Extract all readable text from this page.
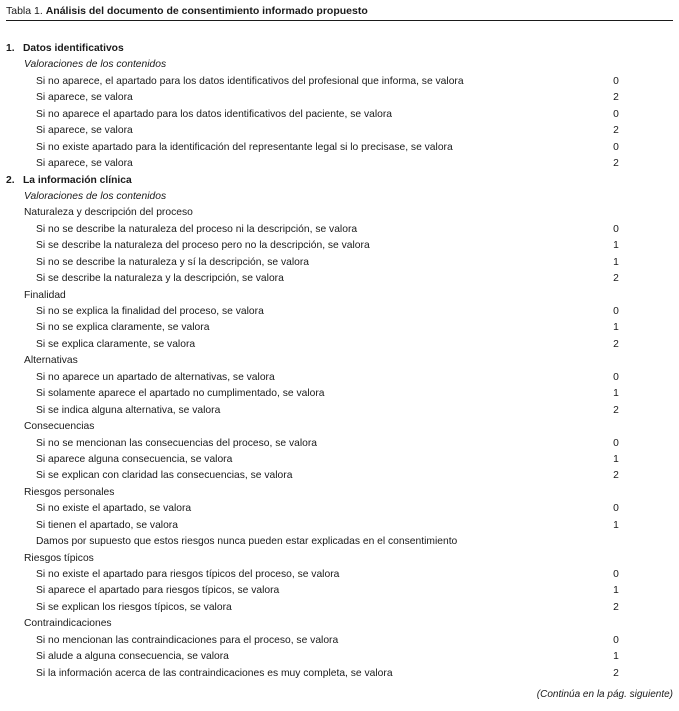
Tabla 1. Análisis del documento de consentimiento informado propuesto
1. Datos identificativos
Valoraciones de los contenidos
Si no aparece, el apartado para los datos identificativos del profesional que informa, se valora	0
Si aparece, se valora	2
Si no aparece el apartado para los datos identificativos del paciente, se valora	0
Si aparece, se valora	2
Si no existe apartado para la identificación del representante legal si lo precisase, se valora	0
Si aparece, se valora	2
2. La información clínica
Valoraciones de los contenidos
Naturaleza y descripción del proceso
Si no se describe la naturaleza del proceso ni la descripción, se valora	0
Si se describe la naturaleza del proceso pero no la descripción, se valora	1
Si no se describe la naturaleza y sí la descripción, se valora	1
Si se describe la naturaleza y la descripción, se valora	2
Finalidad
Si no se explica la finalidad del proceso, se valora	0
Si no se explica claramente, se valora	1
Si se explica claramente, se valora	2
Alternativas
Si no aparece un apartado de alternativas, se valora	0
Si solamente aparece el apartado no cumplimentado, se valora	1
Si se indica alguna alternativa, se valora	2
Consecuencias
Si no se mencionan las consecuencias del proceso, se valora	0
Si aparece alguna consecuencia, se valora	1
Si se explican con claridad las consecuencias, se valora	2
Riesgos personales
Si no existe el apartado, se valora	0
Si tienen el apartado, se valora	1
Damos por supuesto que estos riesgos nunca pueden estar explicadas en el consentimiento
Riesgos típicos
Si no existe el apartado para riesgos típicos del proceso, se valora	0
Si aparece el apartado para riesgos típicos, se valora	1
Si se explican los riesgos típicos, se valora	2
Contraindicaciones
Si no mencionan las contraindicaciones para el proceso, se valora	0
Si alude a alguna consecuencia, se valora	1
Si la información acerca de las contraindicaciones es muy completa, se valora	2
(Continúa en la pág. siguiente)
